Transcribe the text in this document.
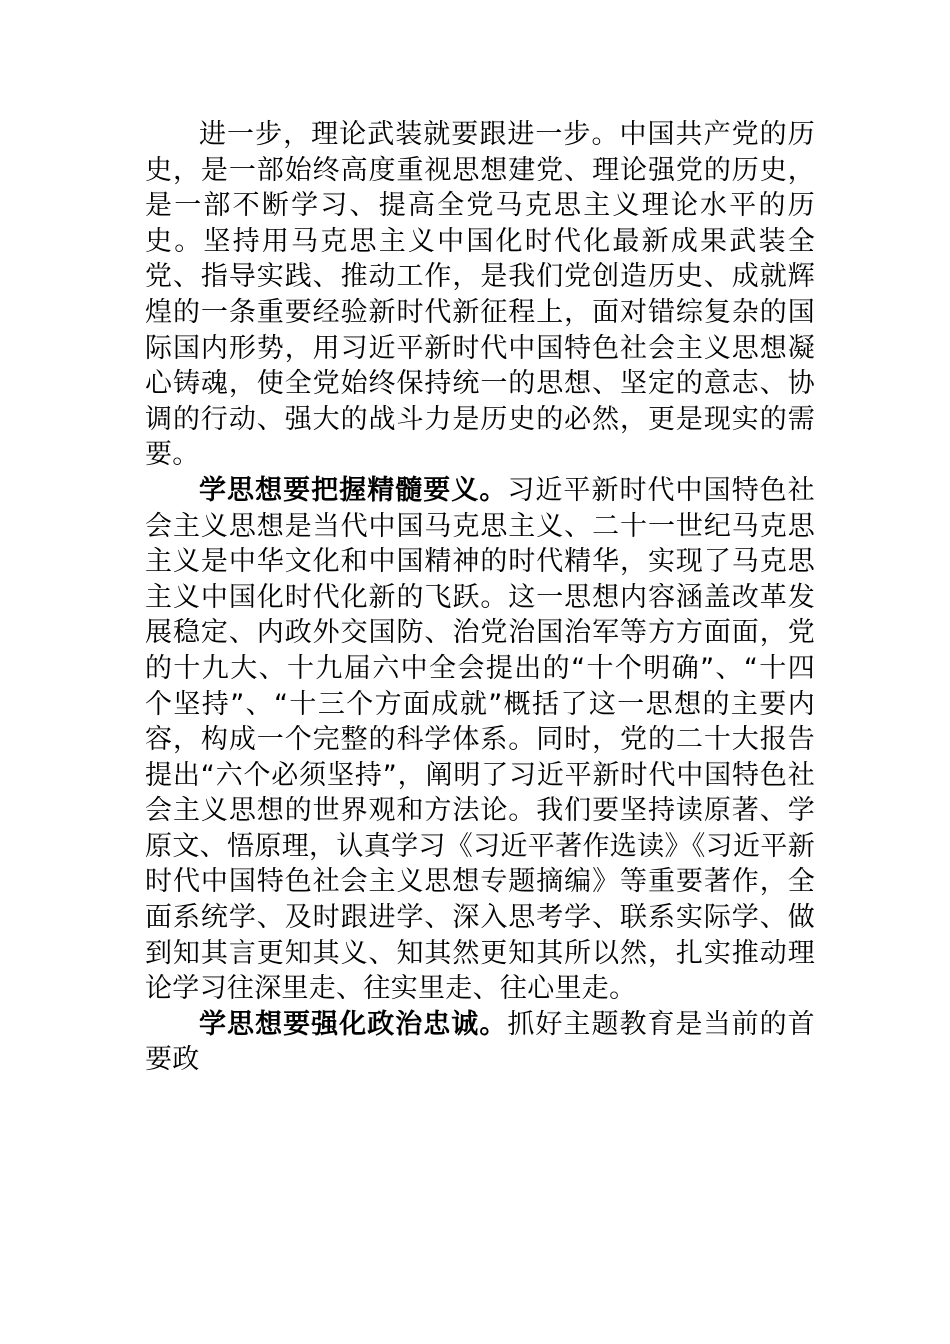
进一步，理论武装就要跟进一步。中国共产党的历史，是一部始终高度重视思想建党、理论强党的历史，是一部不断学习、提高全党马克思主义理论水平的历史。坚持用马克思主义中国化时代化最新成果武装全党、指导实践、推动工作，是我们党创造历史、成就辉煌的一条重要经验新时代新征程上，面对错综复杂的国际国内形势，用习近平新时代中国特色社会主义思想凝心铸魂，使全党始终保持统一的思想、坚定的意志、协调的行动、强大的战斗力是历史的必然，更是现实的需要。

学思想要把握精髓要义。习近平新时代中国特色社会主义思想是当代中国马克思主义、二十一世纪马克思主义是中华文化和中国精神的时代精华，实现了马克思主义中国化时代化新的飞跃。这一思想内容涵盖改革发展稳定、内政外交国防、治党治国治军等方方面面，党的十九大、十九届六中全会提出的“十个明确”、“十四个坚持”、“十三个方面成就”概括了这一思想的主要内容，构成一个完整的科学体系。同时，党的二十大报告提出“六个必须坚持”，阐明了习近平新时代中国特色社会主义思想的世界观和方法论。我们要坚持读原著、学原文、悟原理，认真学习《习近平著作选读》《习近平新时代中国特色社会主义思想专题摘编》等重要著作，全面系统学、及时跟进学、深入思考学、联系实际学、做到知其言更知其义、知其然更知其所以然，扎实推动理论学习往深里走、往实里走、往心里走。

学思想要强化政治忠诚。抓好主题教育是当前的首要政
